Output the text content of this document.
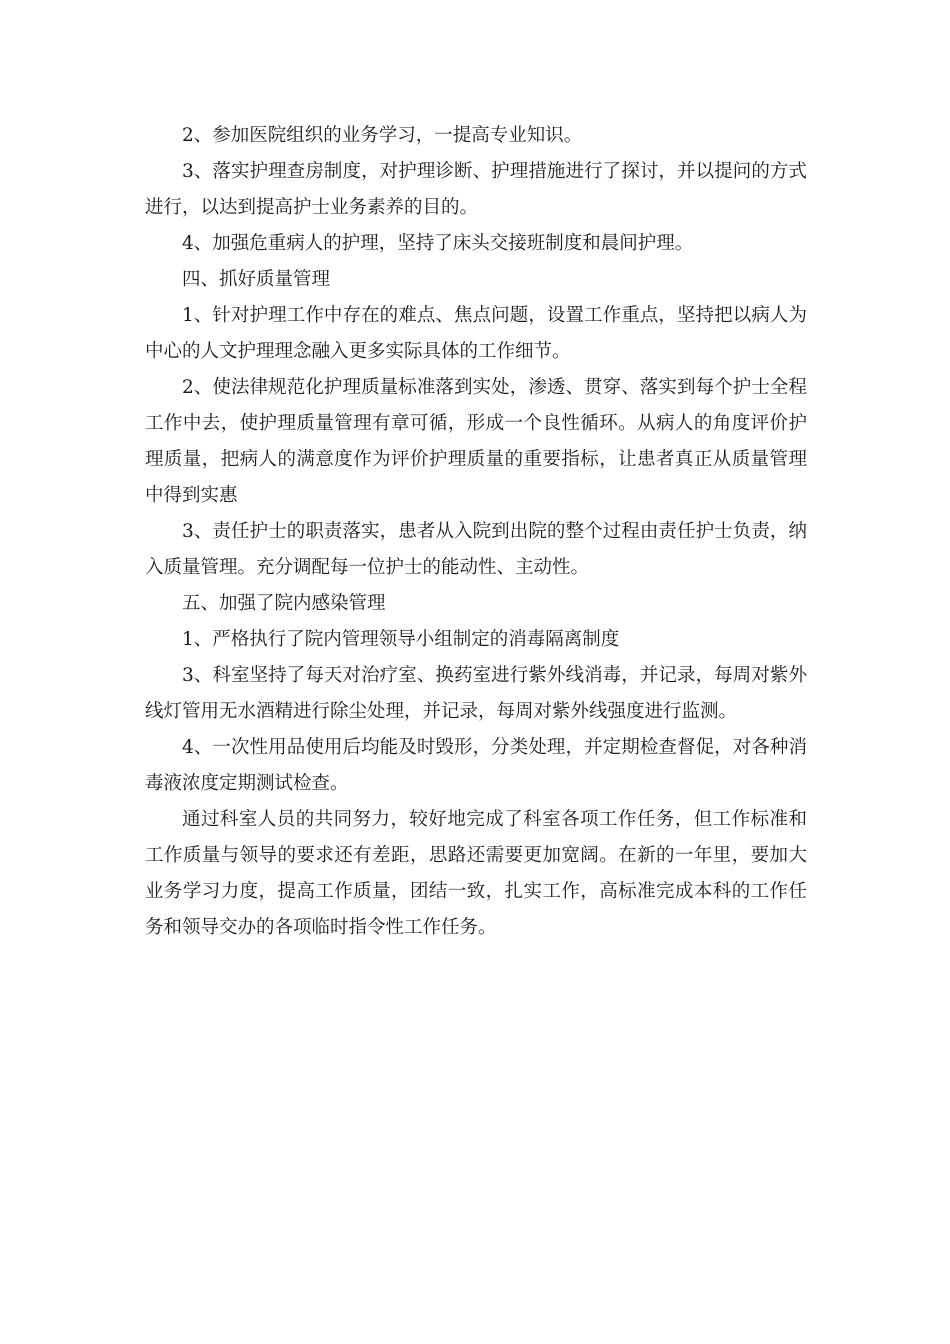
2、参加医院组织的业务学习，一提高专业知识。

3、落实护理查房制度，对护理诊断、护理措施进行了探讨，并以提问的方式进行，以达到提高护士业务素养的目的。

4、加强危重病人的护理，坚持了床头交接班制度和晨间护理。

四、抓好质量管理

1、针对护理工作中存在的难点、焦点问题，设置工作重点，坚持把以病人为中心的人文护理理念融入更多实际具体的工作细节。

2、使法律规范化护理质量标准落到实处，渗透、贯穿、落实到每个护士全程工作中去，使护理质量管理有章可循，形成一个良性循环。从病人的角度评价护理质量，把病人的满意度作为评价护理质量的重要指标，让患者真正从质量管理中得到实惠

3、责任护士的职责落实，患者从入院到出院的整个过程由责任护士负责，纳入质量管理。充分调配每一位护士的能动性、主动性。

五、加强了院内感染管理

1、严格执行了院内管理领导小组制定的消毒隔离制度

3、科室坚持了每天对治疗室、换药室进行紫外线消毒，并记录，每周对紫外线灯管用无水酒精进行除尘处理，并记录，每周对紫外线强度进行监测。

4、一次性用品使用后均能及时毁形，分类处理，并定期检查督促，对各种消毒液浓度定期测试检查。

通过科室人员的共同努力，较好地完成了科室各项工作任务，但工作标准和工作质量与领导的要求还有差距，思路还需要更加宽阔。在新的一年里，要加大业务学习力度，提高工作质量，团结一致，扎实工作，高标准完成本科的工作任务和领导交办的各项临时指令性工作任务。
